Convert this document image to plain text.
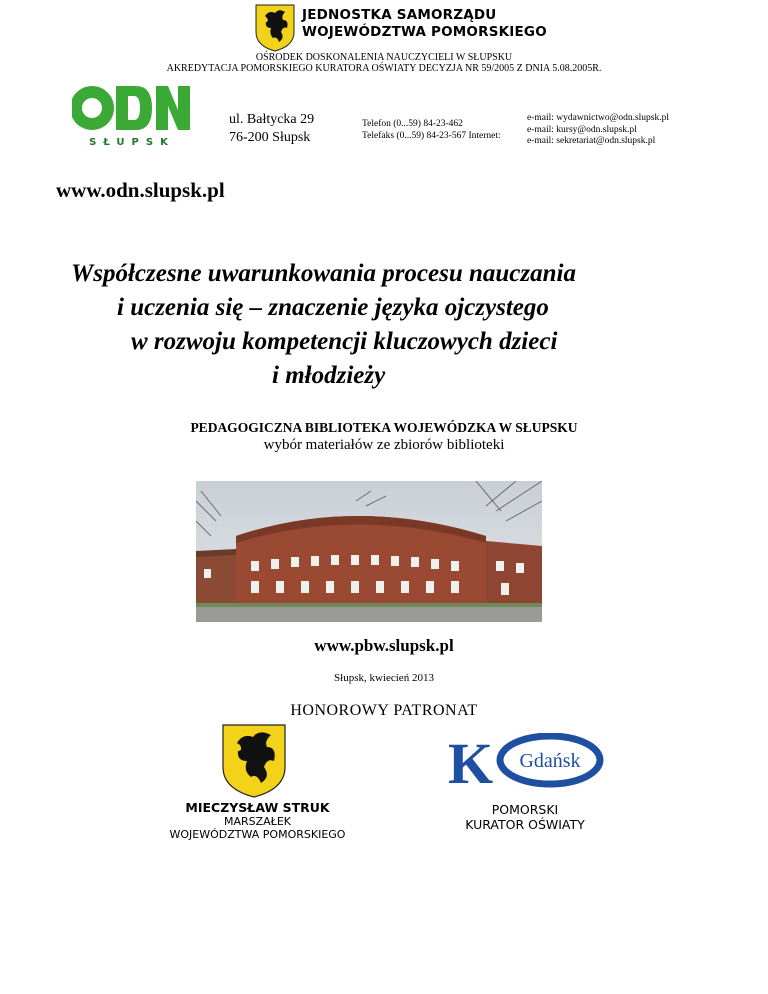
JEDNOSTKA SAMORZĄDU
WOJEWÓDZTWA POMORSKIEGO
OŚRODEK DOSKONALENIA NAUCZYCIELI W SŁUPSKU
AKREDYTACJA POMORSKIEGO KURATORA OŚWIATY DECYZJA NR 59/2005 Z DNIA 5.08.2005R.
SŁUPSK
ul. Bałtycka 29
76-200 Słupsk
Telefon (0...59) 84-23-462
Telefaks (0...59) 84-23-567 Internet:
e-mail: wydawnictwo@odn.slupsk.pl
e-mail: kursy@odn.slupsk.pl
e-mail: sekretariat@odn.slupsk.pl
www.odn.slupsk.pl
Współczesne uwarunkowania procesu nauczania
i uczenia się – znaczenie języka ojczystego
w rozwoju kompetencji kluczowych dzieci
i młodzieży
PEDAGOGICZNA BIBLIOTEKA WOJEWÓDZKA W SŁUPSKU
wybór materiałów ze zbiorów biblioteki
www.pbw.slupsk.pl
Słupsk, kwiecień 2013
HONOROWY PATRONAT
MIECZYSŁAW STRUK
MARSZAŁEK
WOJEWÓDZTWA POMORSKIEGO
K Gdańsk
POMORSKI
KURATOR OŚWIATY
